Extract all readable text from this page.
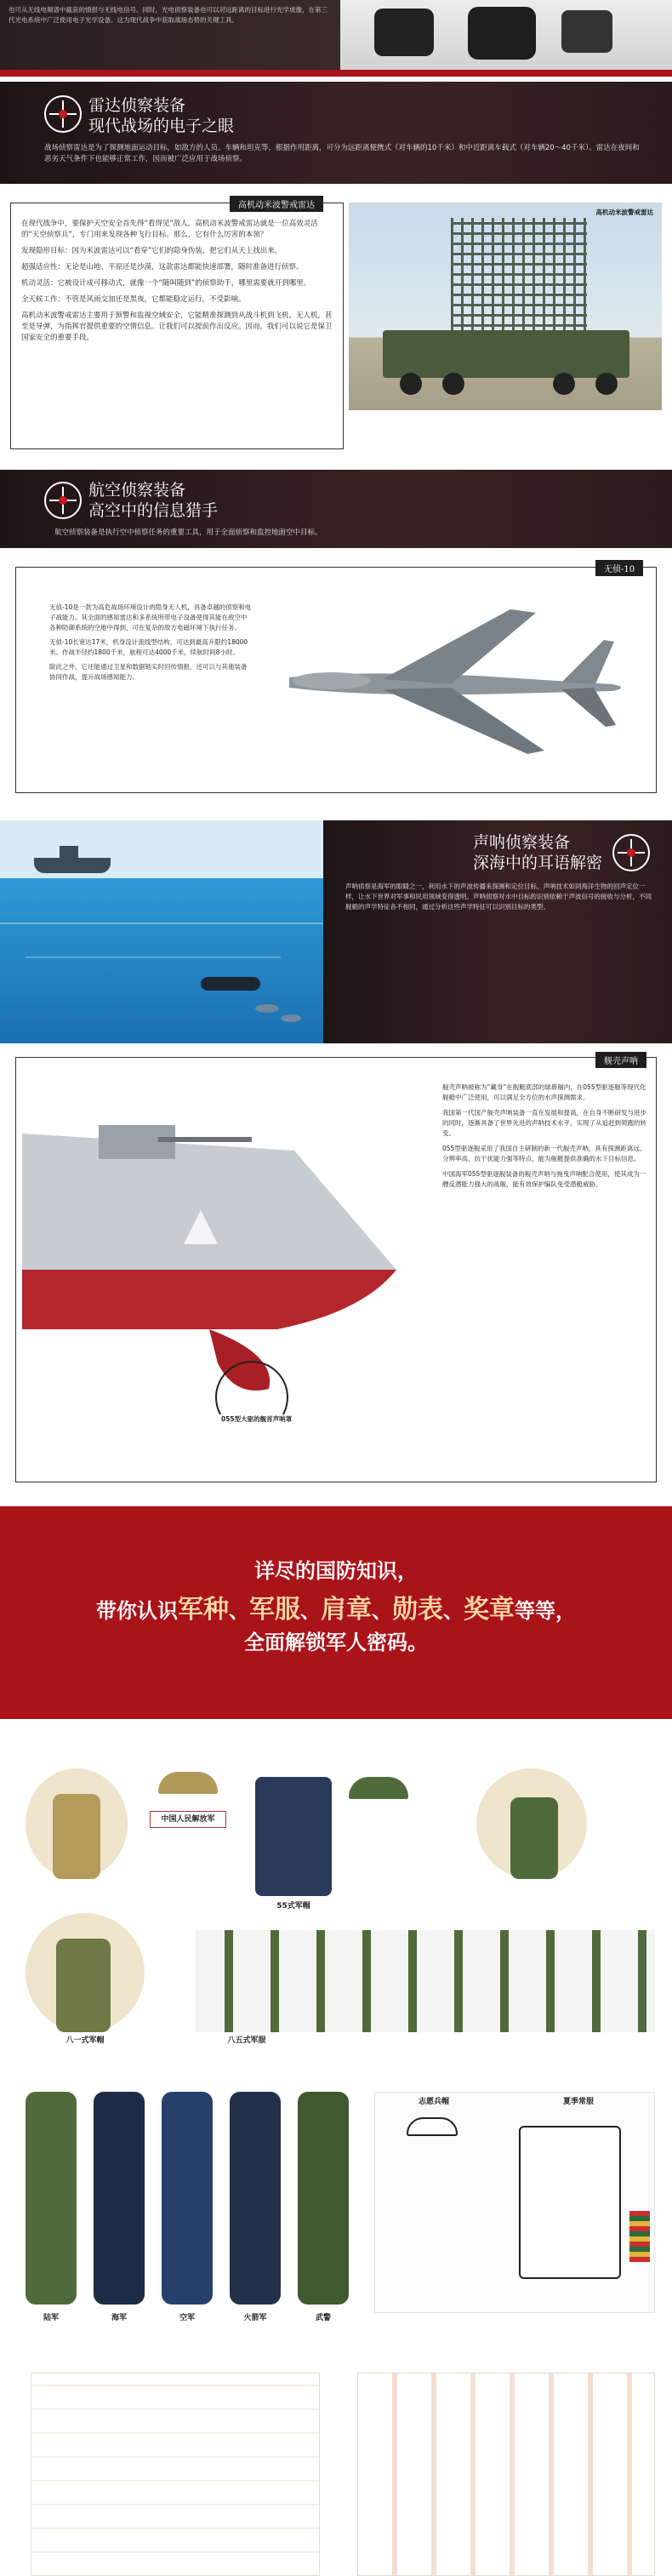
也可从无线电频谱中截获的情报与无线电信号。同时，光电侦察装备也可以对远距离的目标进行光学成像，在第三代光电系统中广泛使用电子光学设备。这为现代战争中获取战场态势的关键工具。
雷达侦察装备
现代战场的电子之眼
战场侦察雷达是为了探测地面运动目标，如敌方的人员、车辆和坦克等，根据作用距离，可分为远距离便携式（对车辆的10千米）和中近距离车载式（对车辆20～40千米）。雷达在夜间和恶劣天气条件下也能够正常工作，因而被广泛应用于战场侦察。
在现代战争中，要保护天空安全首先得“看得见”敌人。高机动米波警戒雷达就是一位高效灵活的“天空侦察兵”，专门用来发现各种飞行目标。那么，它有什么厉害的本领？
发现隐形目标：因为米波雷达可以“看穿”它们的隐身伪装，把它们从天上找出来。
超强适应性：无论是山地、平原还是沙漠，这款雷达都能快速部署，随时准备进行侦察。
机动灵活：它被设计成可移动式，就像一个“随叫随到”的侦察助手，哪里需要就开到哪里。
全天候工作：不管是风雨交加还是黑夜，它都能稳定运行，不受影响。
高机动米波警戒雷达主要用于预警和监视空域安全，它能精准探测到从战斗机到飞机、无人机，甚至是导弹，为指挥官提供重要的空情信息。让我们可以提前作出反应。因而，我们可以说它是保卫国家安全的重要手段。
高机动米波警戒雷达
高机动米波警戒雷达
航空侦察装备
高空中的信息猎手
航空侦察装备是执行空中侦察任务的重要工具，用于全面侦察和监控地面空中目标。
无侦-10
无侦-10是一款为高危战场环境设计的隐身无人机，具备卓越的侦察和电子战能力。其全面的感知雷达和多系统所带电子设备使得其能在敌空中各种防御系统的空地中得到，可在复杂的敌方电磁环境下执行任务。
无侦-10长宽达17米，机身设计流线型结构，可达到最高升限约18000米。作战半径约1800千米，航程可达4000千米，续航时间8小时。
除此之外，它还能通过卫星和数据链实时回传情报，还可以与其他装备协同作战，提升战场感知能力。
声呐侦察装备
深海中的耳语解密
声呐侦察是海军的眼睛之一，利用水下的声波传播来探测和定位目标。声呐技术如同海洋生物的回声定位一样，让水下世界对军事和民用领域变得透明。声呐侦察对水中目标的识别依赖于声波信号的接收与分析，不同舰艇的声学特征各不相同，通过分析这些声学特征可以识别目标的类型。
舰壳声呐
055型大驱的舰首声呐罩
舰壳声呐被称为“藏身”在舰艇底部的球鼻艏内，在055型驱逐舰等现代化舰艇中广泛使用，可以满足全方位的水声探测需求。
我国第一代国产舰壳声呐装备一直在发展和提高，在自身不断研发与进步的同时，逐渐具备了世界先进的声呐技术水平，实现了从追赶到领跑的转变。
055型驱逐舰采用了我国自主研制的新一代舰壳声呐，具有探测距离远、分辨率高、抗干扰能力强等特点，能为舰艇提供准确的水下目标信息。
中国海军055型驱逐舰装备的舰壳声呐与拖曳声呐配合使用，使其成为一艘反潜能力强大的战舰，能有效保护编队免受潜艇威胁。
详尽的国防知识，
带你认识军种、军服、肩章、勋表、奖章等等，
全面解锁军人密码。
中国人民解放军
55式军帽
八一式军帽	八五式军服
陆军	海军	空军	火箭军	武警
志愿兵帽	夏季常服
